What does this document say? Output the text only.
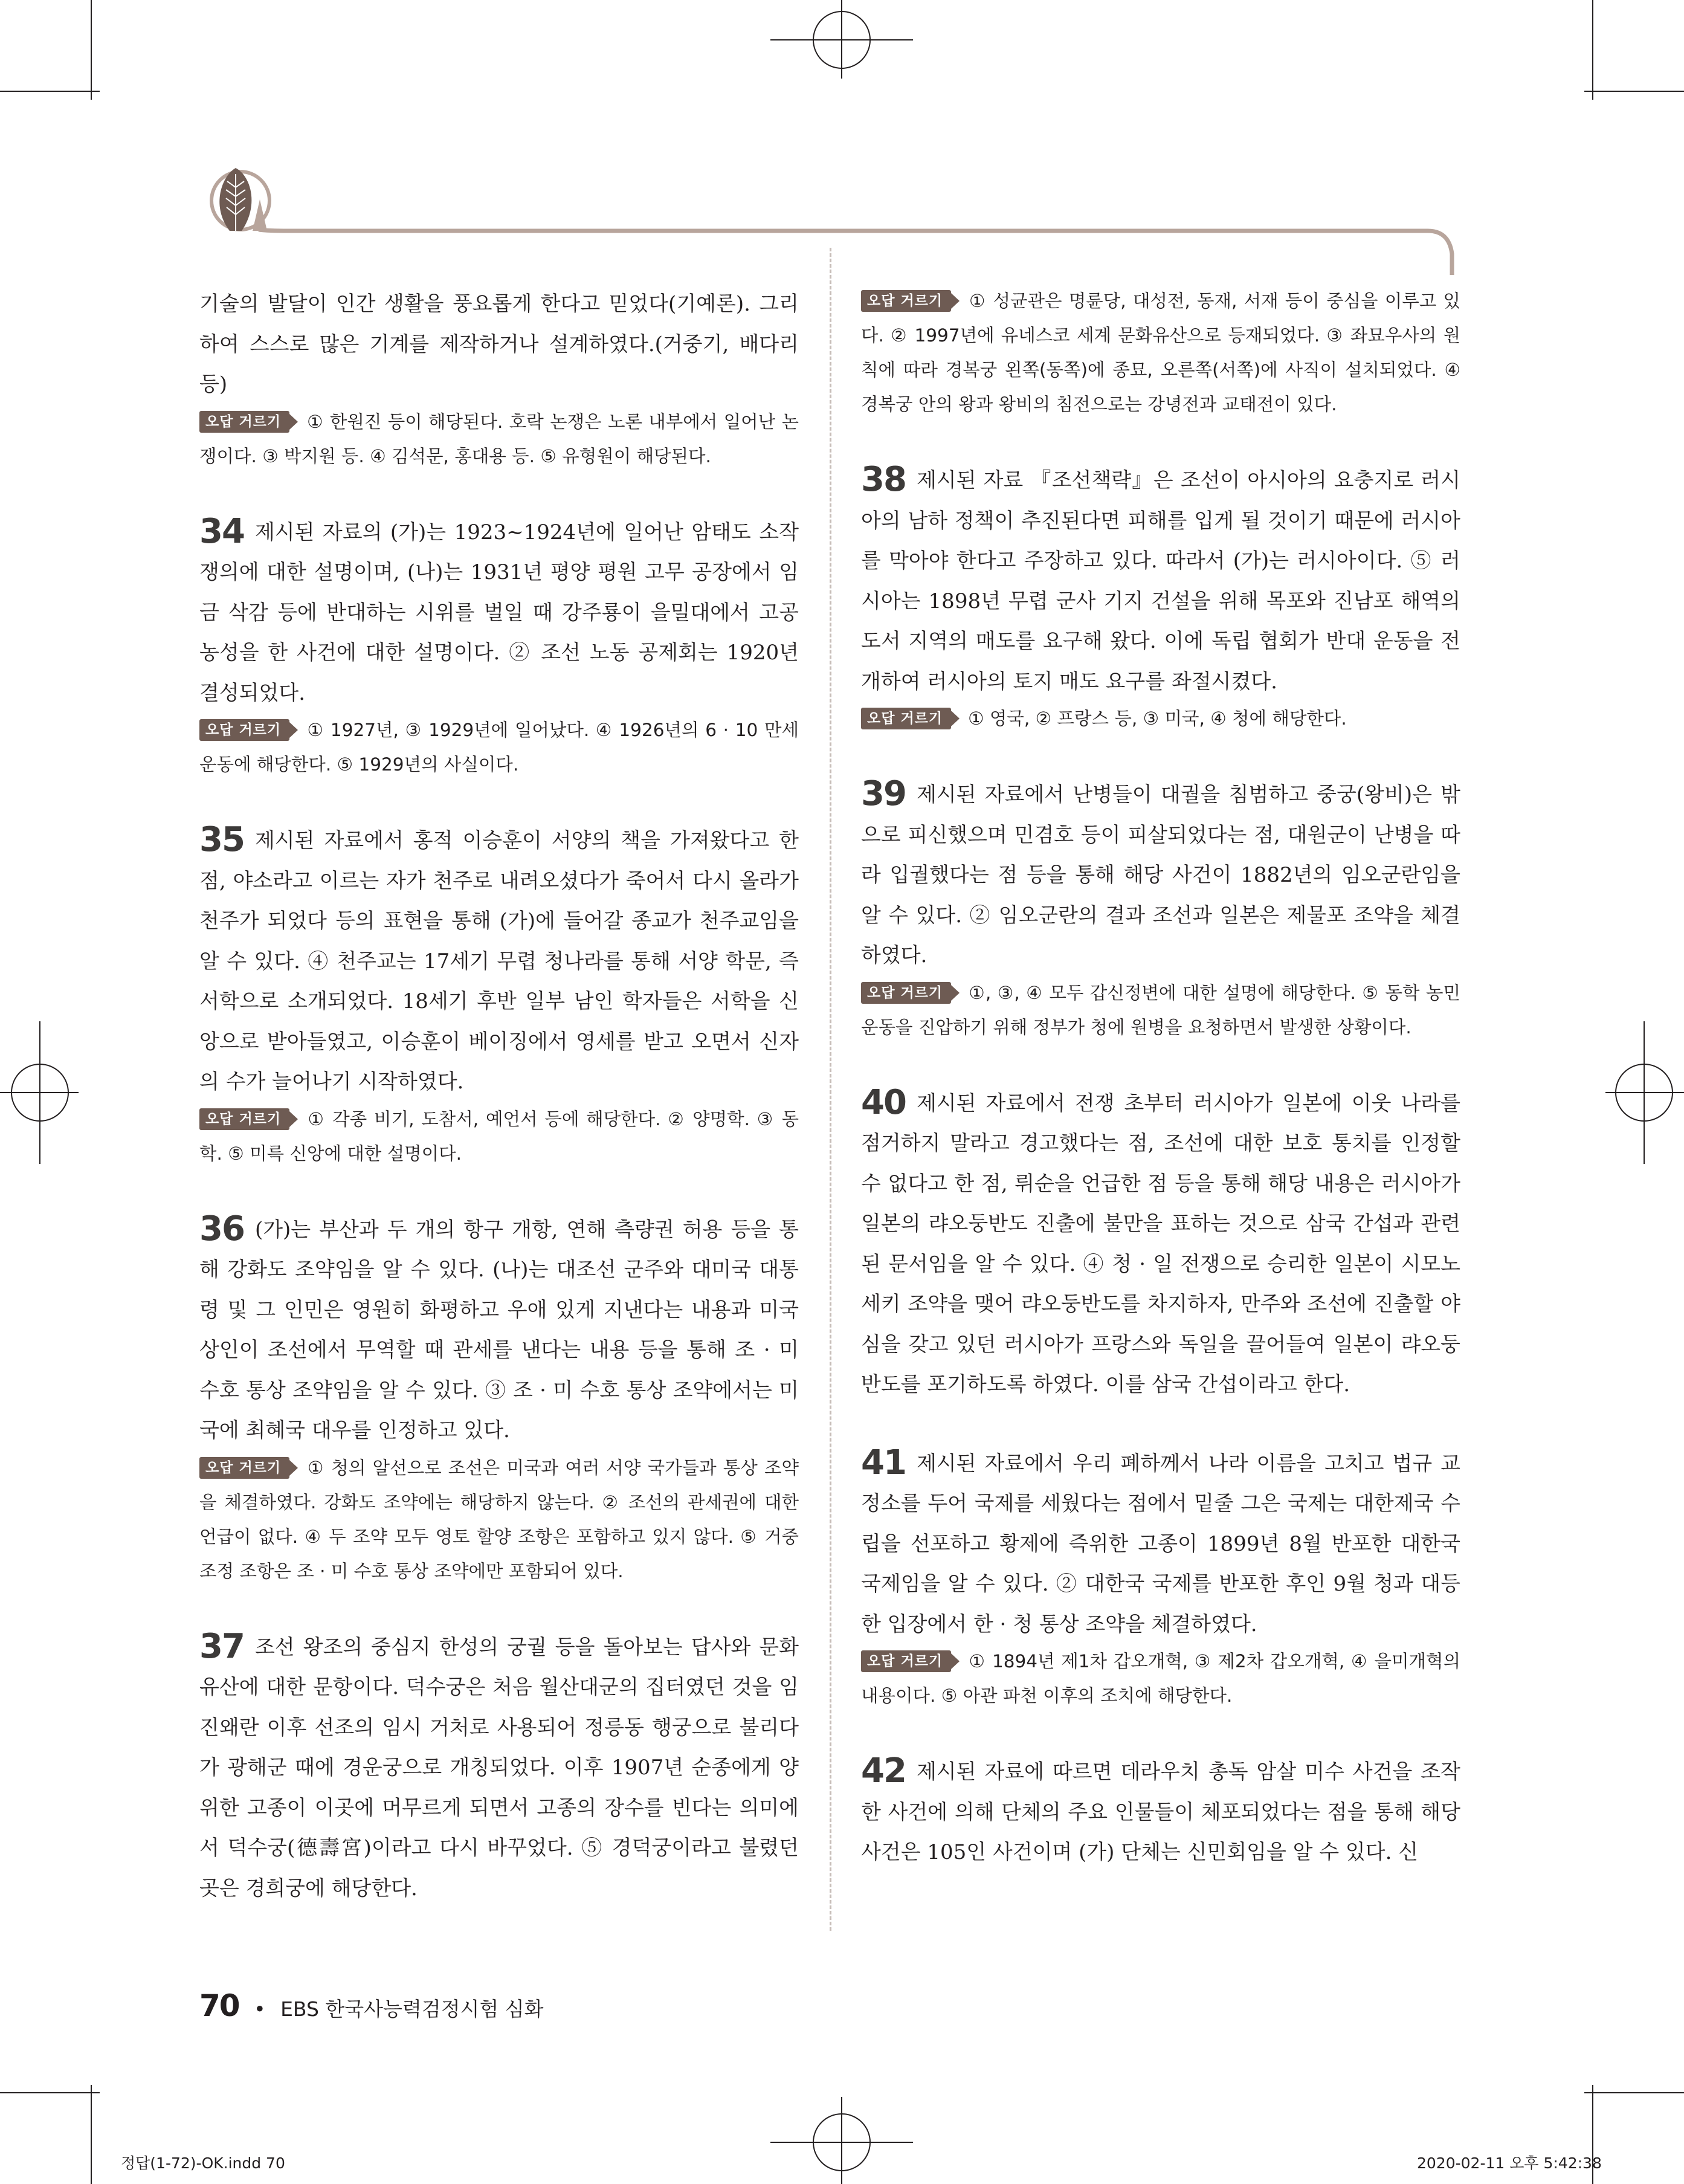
기술의 발달이 인간 생활을 풍요롭게 한다고 믿었다(기예론). 그리하여 스스로 많은 기계를 제작하거나 설계하였다.(거중기, 배다리 등)

오답 거르기 ① 한원진 등이 해당된다. 호락 논쟁은 노론 내부에서 일어난 논쟁이다. ③ 박지원 등. ④ 김석문, 홍대용 등. ⑤ 유형원이 해당된다.

34 제시된 자료의 (가)는 1923~1924년에 일어난 암태도 소작 쟁의에 대한 설명이며, (나)는 1931년 평양 평원 고무 공장에서 임금 삭감 등에 반대하는 시위를 벌일 때 강주룡이 을밀대에서 고공 농성을 한 사건에 대한 설명이다. ② 조선 노동 공제회는 1920년 결성되었다.

오답 거르기 ① 1927년, ③ 1929년에 일어났다. ④ 1926년의 6 · 10 만세 운동에 해당한다. ⑤ 1929년의 사실이다.

35 제시된 자료에서 홍적 이승훈이 서양의 책을 가져왔다고 한 점, 야소라고 이르는 자가 천주로 내려오셨다가 죽어서 다시 올라가 천주가 되었다 등의 표현을 통해 (가)에 들어갈 종교가 천주교임을 알 수 있다. ④ 천주교는 17세기 무렵 청나라를 통해 서양 학문, 즉 서학으로 소개되었다. 18세기 후반 일부 남인 학자들은 서학을 신앙으로 받아들였고, 이승훈이 베이징에서 영세를 받고 오면서 신자의 수가 늘어나기 시작하였다.

오답 거르기 ① 각종 비기, 도참서, 예언서 등에 해당한다. ② 양명학. ③ 동학. ⑤ 미륵 신앙에 대한 설명이다.

36 (가)는 부산과 두 개의 항구 개항, 연해 측량권 허용 등을 통해 강화도 조약임을 알 수 있다. (나)는 대조선 군주와 대미국 대통령 및 그 인민은 영원히 화평하고 우애 있게 지낸다는 내용과 미국 상인이 조선에서 무역할 때 관세를 낸다는 내용 등을 통해 조 · 미 수호 통상 조약임을 알 수 있다. ③ 조 · 미 수호 통상 조약에서는 미국에 최혜국 대우를 인정하고 있다.

오답 거르기 ① 청의 알선으로 조선은 미국과 여러 서양 국가들과 통상 조약을 체결하였다. 강화도 조약에는 해당하지 않는다. ② 조선의 관세권에 대한 언급이 없다. ④ 두 조약 모두 영토 할양 조항은 포함하고 있지 않다. ⑤ 거중 조정 조항은 조 · 미 수호 통상 조약에만 포함되어 있다.

37 조선 왕조의 중심지 한성의 궁궐 등을 돌아보는 답사와 문화유산에 대한 문항이다. 덕수궁은 처음 월산대군의 집터였던 것을 임진왜란 이후 선조의 임시 거처로 사용되어 정릉동 행궁으로 불리다가 광해군 때에 경운궁으로 개칭되었다. 이후 1907년 순종에게 양위한 고종이 이곳에 머무르게 되면서 고종의 장수를 빈다는 의미에서 덕수궁(德壽宮)이라고 다시 바꾸었다. ⑤ 경덕궁이라고 불렸던 곳은 경희궁에 해당한다.

오답 거르기 ① 성균관은 명륜당, 대성전, 동재, 서재 등이 중심을 이루고 있다. ② 1997년에 유네스코 세계 문화유산으로 등재되었다. ③ 좌묘우사의 원칙에 따라 경복궁 왼쪽(동쪽)에 종묘, 오른쪽(서쪽)에 사직이 설치되었다. ④ 경복궁 안의 왕과 왕비의 침전으로는 강녕전과 교태전이 있다.

38 제시된 자료 『조선책략』은 조선이 아시아의 요충지로 러시아의 남하 정책이 추진된다면 피해를 입게 될 것이기 때문에 러시아를 막아야 한다고 주장하고 있다. 따라서 (가)는 러시아이다. ⑤ 러시아는 1898년 무렵 군사 기지 건설을 위해 목포와 진남포 해역의 도서 지역의 매도를 요구해 왔다. 이에 독립 협회가 반대 운동을 전개하여 러시아의 토지 매도 요구를 좌절시켰다.

오답 거르기 ① 영국, ② 프랑스 등, ③ 미국, ④ 청에 해당한다.

39 제시된 자료에서 난병들이 대궐을 침범하고 중궁(왕비)은 밖으로 피신했으며 민겸호 등이 피살되었다는 점, 대원군이 난병을 따라 입궐했다는 점 등을 통해 해당 사건이 1882년의 임오군란임을 알 수 있다. ② 임오군란의 결과 조선과 일본은 제물포 조약을 체결하였다.

오답 거르기 ①, ③, ④ 모두 갑신정변에 대한 설명에 해당한다. ⑤ 동학 농민 운동을 진압하기 위해 정부가 청에 원병을 요청하면서 발생한 상황이다.

40 제시된 자료에서 전쟁 초부터 러시아가 일본에 이웃 나라를 점거하지 말라고 경고했다는 점, 조선에 대한 보호 통치를 인정할 수 없다고 한 점, 뤼순을 언급한 점 등을 통해 해당 내용은 러시아가 일본의 랴오둥반도 진출에 불만을 표하는 것으로 삼국 간섭과 관련된 문서임을 알 수 있다. ④ 청 · 일 전쟁으로 승리한 일본이 시모노세키 조약을 맺어 랴오둥반도를 차지하자, 만주와 조선에 진출할 야심을 갖고 있던 러시아가 프랑스와 독일을 끌어들여 일본이 랴오둥반도를 포기하도록 하였다. 이를 삼국 간섭이라고 한다.

41 제시된 자료에서 우리 폐하께서 나라 이름을 고치고 법규 교정소를 두어 국제를 세웠다는 점에서 밑줄 그은 국제는 대한제국 수립을 선포하고 황제에 즉위한 고종이 1899년 8월 반포한 대한국 국제임을 알 수 있다. ② 대한국 국제를 반포한 후인 9월 청과 대등한 입장에서 한 · 청 통상 조약을 체결하였다.

오답 거르기 ① 1894년 제1차 갑오개혁, ③ 제2차 갑오개혁, ④ 을미개혁의 내용이다. ⑤ 아관 파천 이후의 조치에 해당한다.

42 제시된 자료에 따르면 데라우치 총독 암살 미수 사건을 조작한 사건에 의해 단체의 주요 인물들이 체포되었다는 점을 통해 해당 사건은 105인 사건이며 (가) 단체는 신민회임을 알 수 있다. 신

70 • EBS 한국사능력검정시험 심화
정답(1-72)-OK.indd 70	2020-02-11 오후 5:42:38
